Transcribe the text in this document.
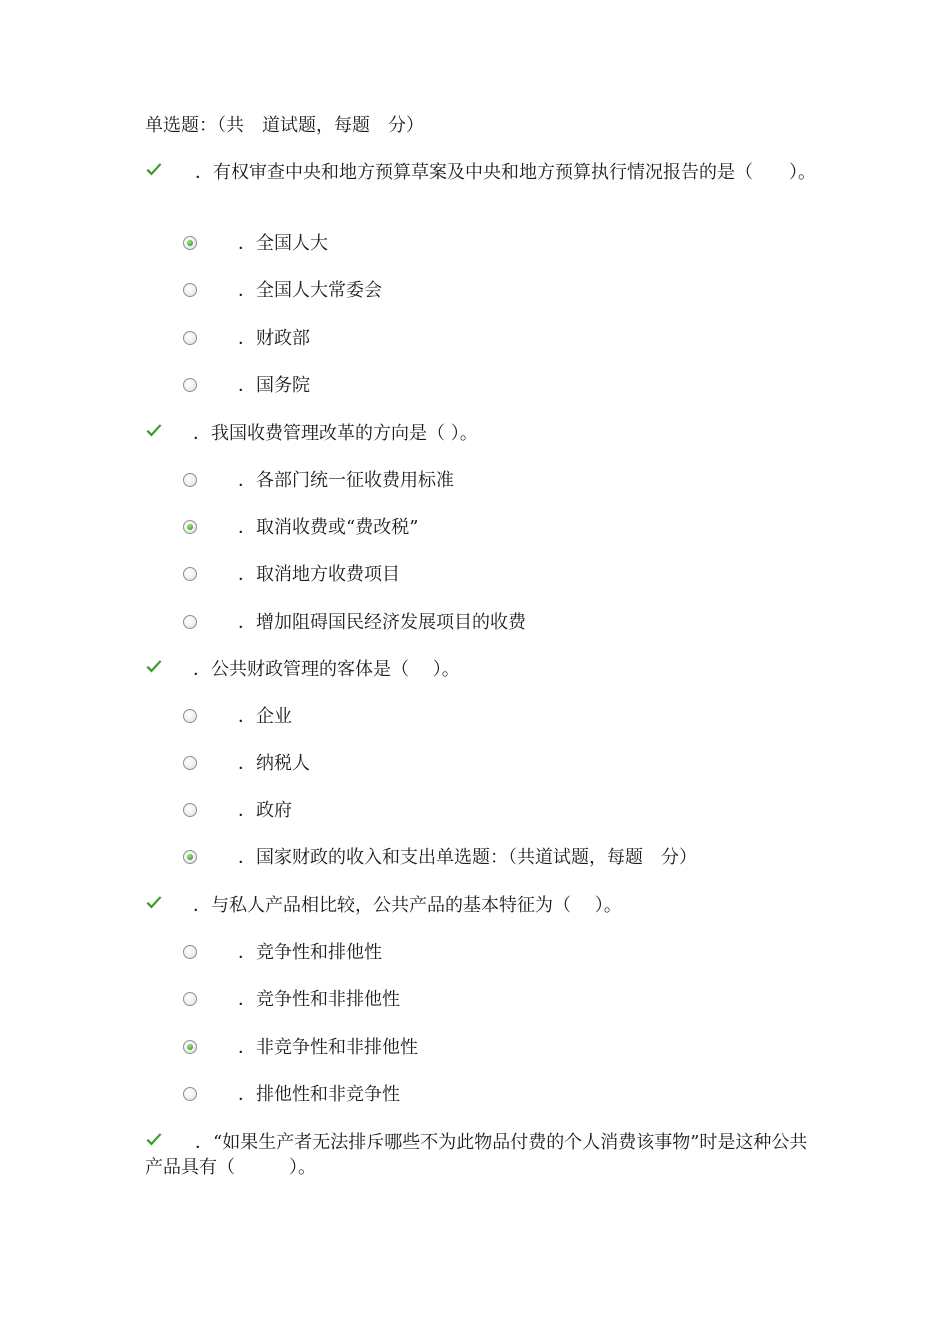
单选题：（共　道试题，每题　分）
．有权审查中央和地方预算草案及中央和地方预算执行情况报告的是（　　）。
．全国人大
．全国人大常委会
．财政部
．国务院
．我国收费管理改革的方向是（ ）。
．各部门统一征收费用标准
．取消收费或“费改税”
．取消地方收费项目
．增加阻碍国民经济发展项目的收费
．公共财政管理的客体是（　 ）。
．企业
．纳税人
．政府
．国家财政的收入和支出单选题：（共道试题，每题　分）
．与私人产品相比较，公共产品的基本特征为（　 ）。
．竞争性和排他性
．竞争性和非排他性
．非竞争性和非排他性
．排他性和非竞争性
．“如果生产者无法排斥哪些不为此物品付费的个人消费该事物”时是这种公共产品具有（　　　）。
